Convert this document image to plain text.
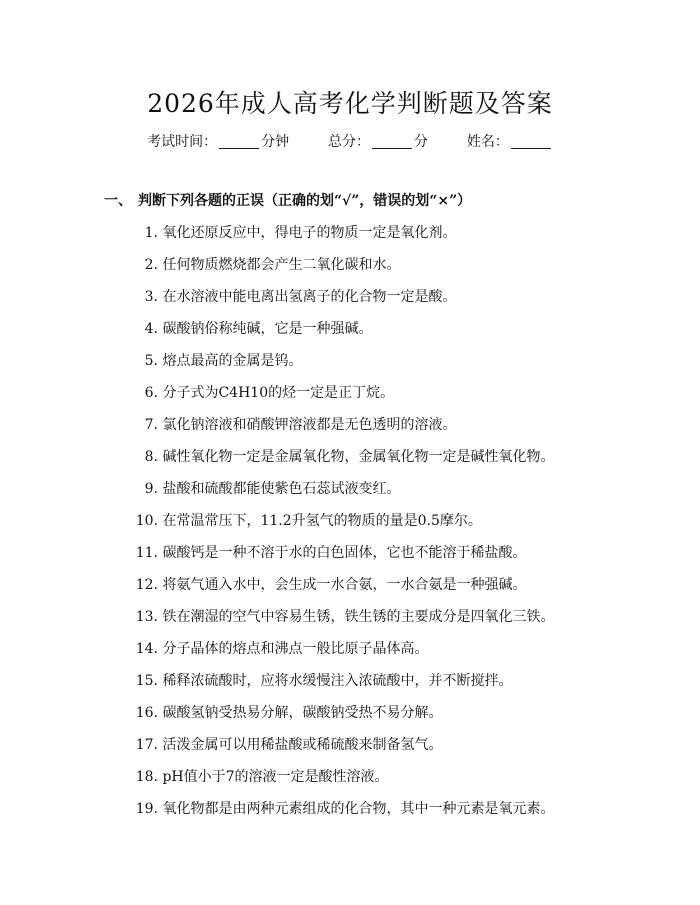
2026年成人高考化学判断题及答案
考试时间：	分钟	总分：	分	姓名：
一、 判断下列各题的正误（正确的划“√”，错误的划“×”）
1. 氧化还原反应中，得电子的物质一定是氧化剂。
2. 任何物质燃烧都会产生二氧化碳和水。
3. 在水溶液中能电离出氢离子的化合物一定是酸。
4. 碳酸钠俗称纯碱，它是一种强碱。
5. 熔点最高的金属是钨。
6. 分子式为C4H10的烃一定是正丁烷。
7. 氯化钠溶液和硝酸钾溶液都是无色透明的溶液。
8. 碱性氧化物一定是金属氧化物，金属氧化物一定是碱性氧化物。
9. 盐酸和硫酸都能使紫色石蕊试液变红。
10. 在常温常压下，11.2升氢气的物质的量是0.5摩尔。
11. 碳酸钙是一种不溶于水的白色固体，它也不能溶于稀盐酸。
12. 将氨气通入水中，会生成一水合氨，一水合氨是一种强碱。
13. 铁在潮湿的空气中容易生锈，铁生锈的主要成分是四氧化三铁。
14. 分子晶体的熔点和沸点一般比原子晶体高。
15. 稀释浓硫酸时，应将水缓慢注入浓硫酸中，并不断搅拌。
16. 碳酸氢钠受热易分解，碳酸钠受热不易分解。
17. 活泼金属可以用稀盐酸或稀硫酸来制备氢气。
18. pH值小于7的溶液一定是酸性溶液。
19. 氧化物都是由两种元素组成的化合物，其中一种元素是氧元素。
